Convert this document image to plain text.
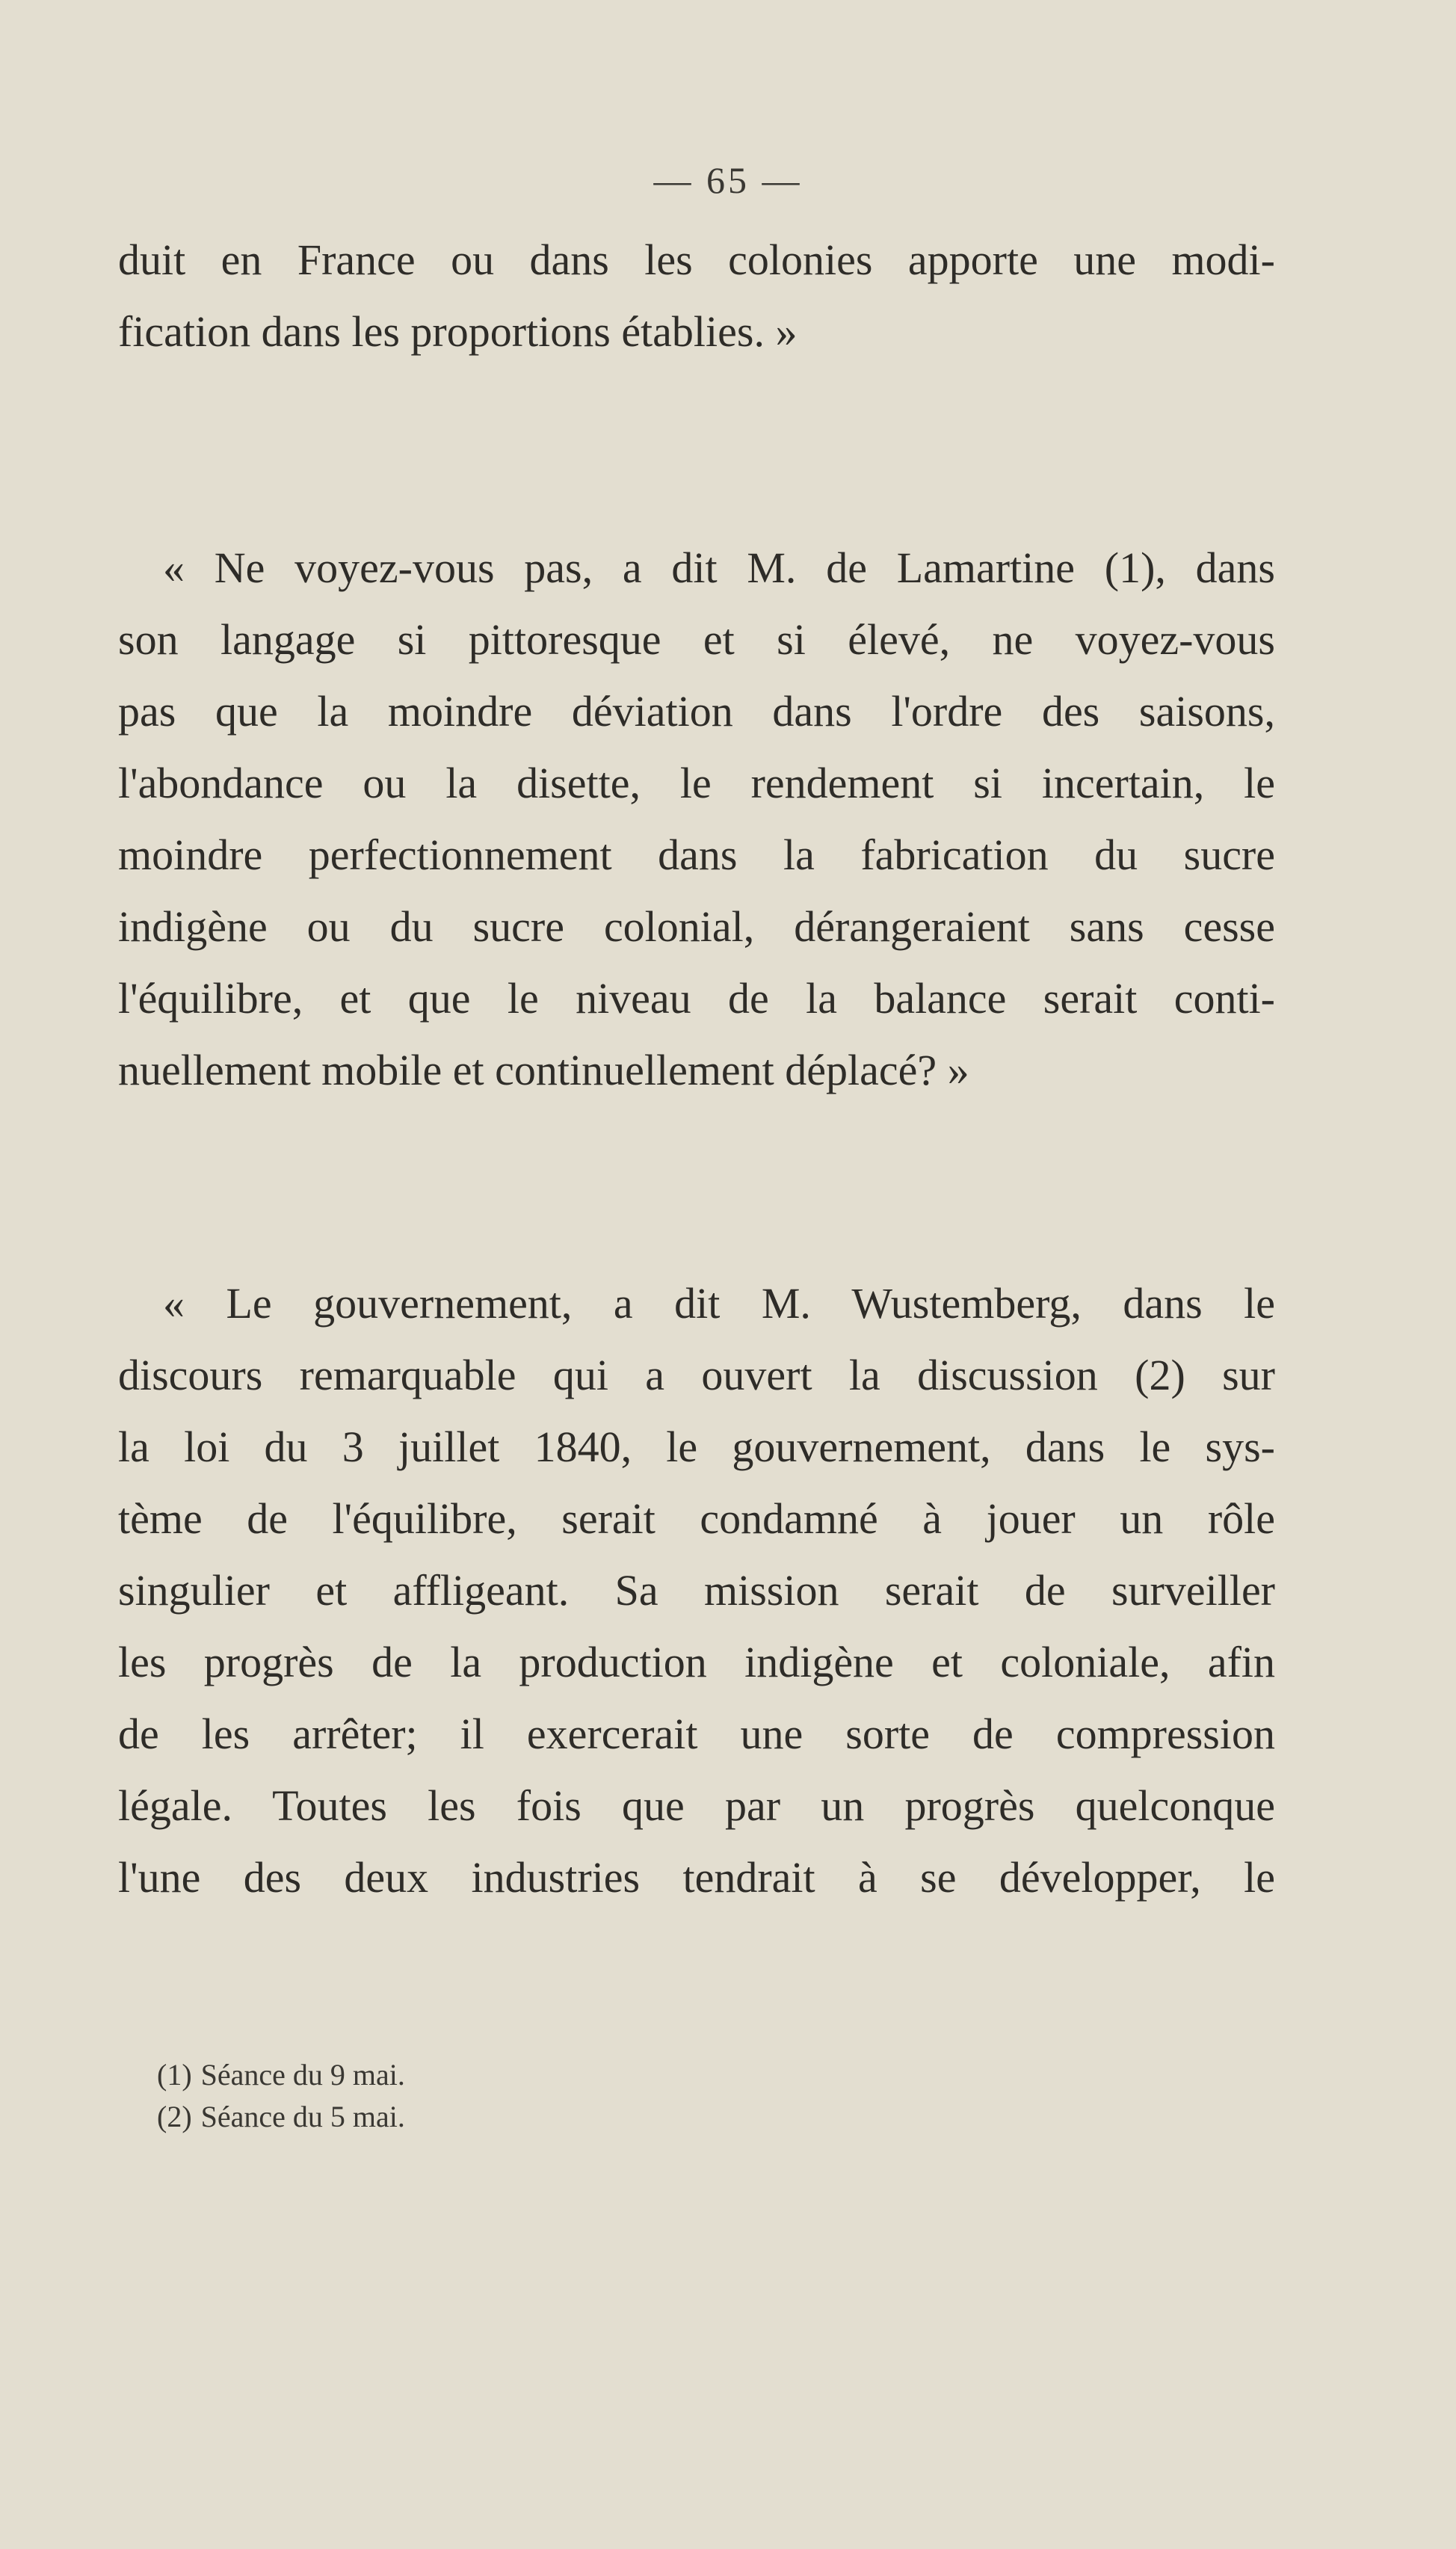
— 65 —
duit en France ou dans les colonies apporte une modi-
fication dans les proportions établies. »
« Ne voyez-vous pas, a dit M. de Lamartine (1), dans
son langage si pittoresque et si élevé, ne voyez-vous
pas que la moindre déviation dans l'ordre des saisons,
l'abondance ou la disette, le rendement si incertain, le
moindre perfectionnement dans la fabrication du sucre
indigène ou du sucre colonial, dérangeraient sans cesse
l'équilibre, et que le niveau de la balance serait conti-
nuellement mobile et continuellement déplacé? »
« Le gouvernement, a dit M. Wustemberg, dans le
discours remarquable qui a ouvert la discussion (2) sur
la loi du 3 juillet 1840, le gouvernement, dans le sys-
tème de l'équilibre, serait condamné à jouer un rôle
singulier et affligeant. Sa mission serait de surveiller
les progrès de la production indigène et coloniale, afin
de les arrêter; il exercerait une sorte de compression
légale. Toutes les fois que par un progrès quelconque
l'une des deux industries tendrait à se développer, le
(1) Séance du 9 mai.
(2) Séance du 5 mai.
